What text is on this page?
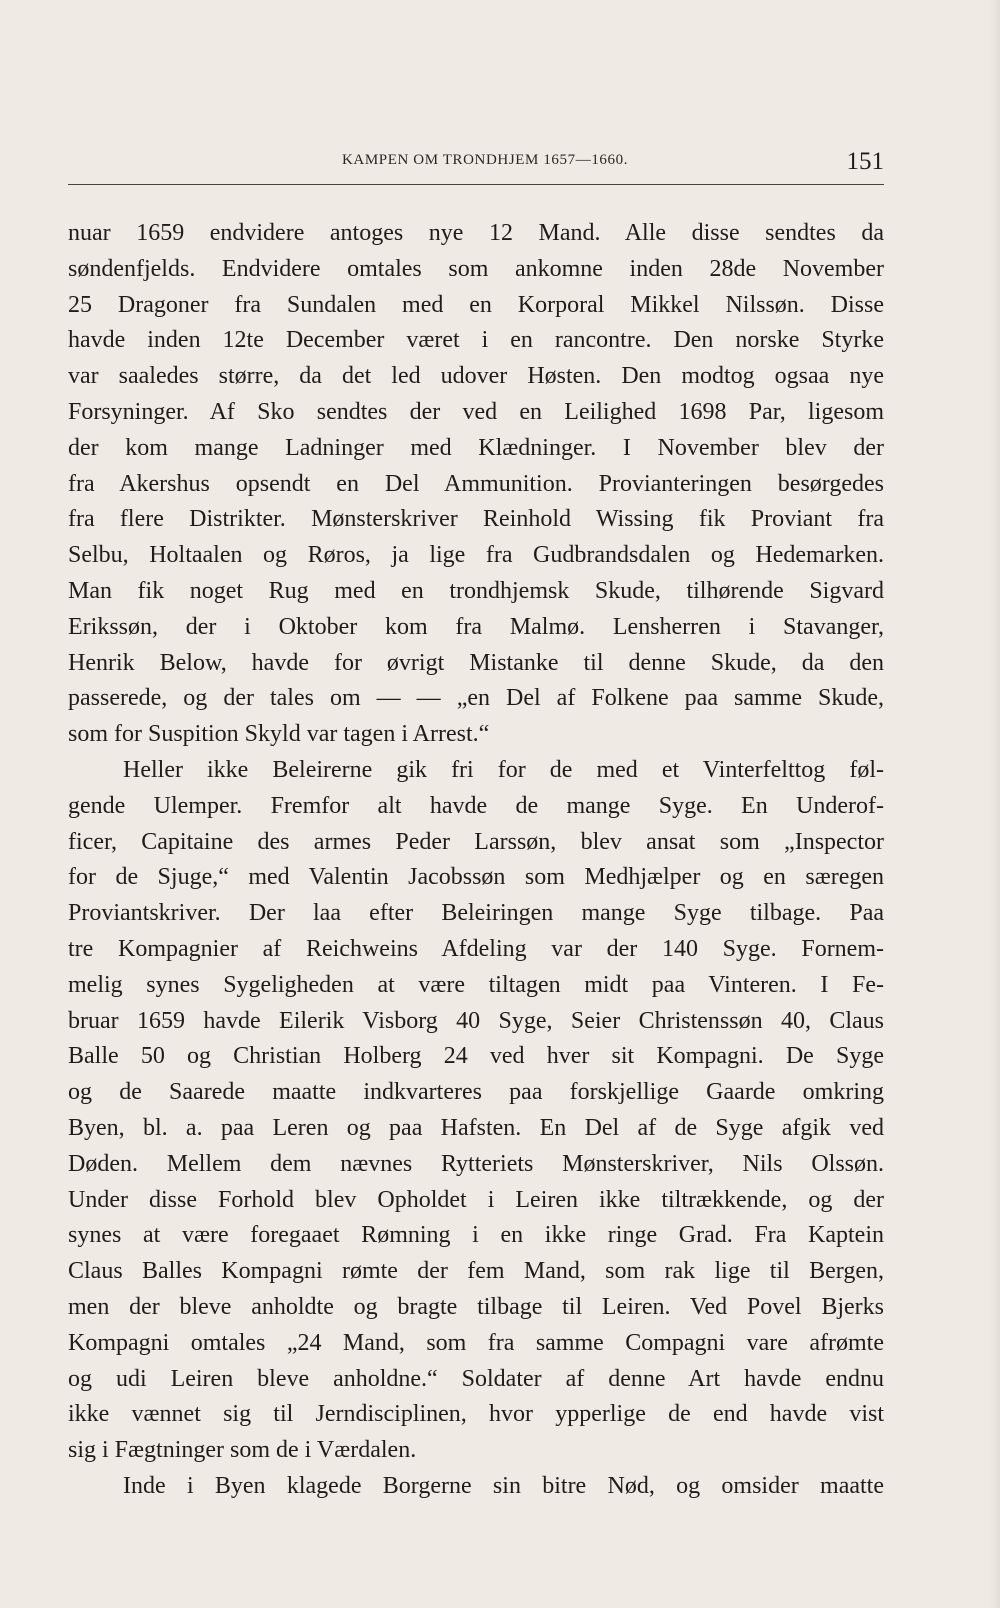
KAMPEN OM TRONDHJEM 1657—1660.	151
nuar 1659 endvidere antoges nye 12 Mand. Alle disse sendtes da
søndenfjelds. Endvidere omtales som ankomne inden 28de November
25 Dragoner fra Sundalen med en Korporal Mikkel Nilssøn. Disse
havde inden 12te December været i en rancontre. Den norske Styrke
var saaledes større, da det led udover Høsten. Den modtog ogsaa nye
Forsyninger. Af Sko sendtes der ved en Leilighed 1698 Par, ligesom
der kom mange Ladninger med Klædninger. I November blev der
fra Akershus opsendt en Del Ammunition. Provianteringen besørgedes
fra flere Distrikter. Mønsterskriver Reinhold Wissing fik Proviant fra
Selbu, Holtaalen og Røros, ja lige fra Gudbrandsdalen og Hedemarken.
Man fik noget Rug med en trondhjemsk Skude, tilhørende Sigvard
Erikssøn, der i Oktober kom fra Malmø. Lensherren i Stavanger,
Henrik Below, havde for øvrigt Mistanke til denne Skude, da den
passerede, og der tales om — — „en Del af Folkene paa samme Skude,
som for Suspition Skyld var tagen i Arrest.“
Heller ikke Beleirerne gik fri for de med et Vinterfelttog føl-
gende Ulemper. Fremfor alt havde de mange Syge. En Underof-
ficer, Capitaine des armes Peder Larssøn, blev ansat som „Inspector
for de Sjuge,“ med Valentin Jacobssøn som Medhjælper og en særegen
Proviantskriver. Der laa efter Beleiringen mange Syge tilbage. Paa
tre Kompagnier af Reichweins Afdeling var der 140 Syge. Fornem-
melig synes Sygeligheden at være tiltagen midt paa Vinteren. I Fe-
bruar 1659 havde Eilerik Visborg 40 Syge, Seier Christenssøn 40, Claus
Balle 50 og Christian Holberg 24 ved hver sit Kompagni. De Syge
og de Saarede maatte indkvarteres paa forskjellige Gaarde omkring
Byen, bl. a. paa Leren og paa Hafsten. En Del af de Syge afgik ved
Døden. Mellem dem nævnes Rytteriets Mønsterskriver, Nils Olssøn.
Under disse Forhold blev Opholdet i Leiren ikke tiltrækkende, og der
synes at være foregaaet Rømning i en ikke ringe Grad. Fra Kaptein
Claus Balles Kompagni rømte der fem Mand, som rak lige til Bergen,
men der bleve anholdte og bragte tilbage til Leiren. Ved Povel Bjerks
Kompagni omtales „24 Mand, som fra samme Compagni vare afrømte
og udi Leiren bleve anholdne.“ Soldater af denne Art havde endnu
ikke vænnet sig til Jerndisciplinen, hvor ypperlige de end havde vist
sig i Fægtninger som de i Værdalen.
Inde i Byen klagede Borgerne sin bitre Nød, og omsider maatte
